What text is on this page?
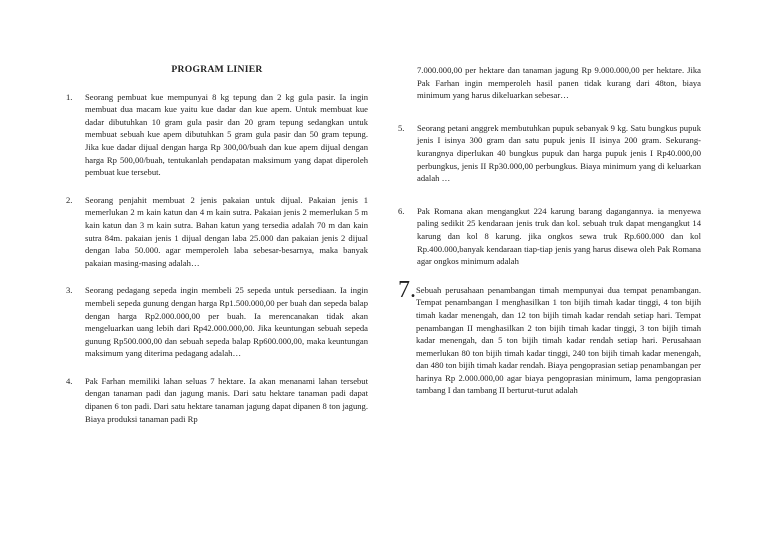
PROGRAM LINIER
1. Seorang pembuat kue mempunyai 8 kg tepung dan 2 kg gula pasir. Ia ingin membuat dua macam kue yaitu kue dadar dan kue apem. Untuk membuat kue dadar dibutuhkan 10 gram gula pasir dan 20 gram tepung sedangkan untuk membuat sebuah kue apem dibutuhkan 5 gram gula pasir dan 50 gram tepung. Jika kue dadar dijual dengan harga Rp 300,00/buah dan kue apem dijual dengan harga Rp 500,00/buah, tentukanlah pendapatan maksimum yang dapat diperoleh pembuat kue tersebut.
2. Seorang penjahit membuat 2 jenis pakaian untuk dijual. Pakaian jenis 1 memerlukan 2 m kain katun dan 4 m kain sutra. Pakaian jenis 2 memerlukan 5 m kain katun dan 3 m kain sutra. Bahan katun yang tersedia adalah 70 m dan kain sutra 84m. pakaian jenis 1 dijual dengan laba 25.000 dan pakaian jenis 2 dijual dengan laba 50.000. agar memperoleh laba sebesar-besarnya, maka banyak pakaian masing-masing adalah…
3. Seorang pedagang sepeda ingin membeli 25 sepeda untuk persediaan. Ia ingin membeli sepeda gunung dengan harga Rp1.500.000,00 per buah dan sepeda balap dengan harga Rp2.000.000,00 per buah. Ia merencanakan tidak akan mengeluarkan uang lebih dari Rp42.000.000,00. Jika keuntungan sebuah sepeda gunung Rp500.000,00 dan sebuah sepeda balap Rp600.000,00, maka keuntungan maksimum yang diterima pedagang adalah…
4. Pak Farhan memiliki lahan seluas 7 hektare. Ia akan menanami lahan tersebut dengan tanaman padi dan jagung manis. Dari satu hektare tanaman padi dapat dipanen 6 ton padi. Dari satu hektare tanaman jagung dapat dipanen 8 ton jagung. Biaya produksi tanaman padi Rp

7.000.000,00 per hektare dan tanaman jagung Rp 9.000.000,00 per hektare. Jika Pak Farhan ingin memperoleh hasil panen tidak kurang dari 48ton, biaya minimum yang harus dikeluarkan sebesar…

5. Seorang petani anggrek membutuhkan pupuk sebanyak 9 kg. Satu bungkus pupuk jenis I isinya 300 gram dan satu pupuk jenis II isinya 200 gram. Sekurang-kurangnya diperlukan 40 bungkus pupuk dan harga pupuk jenis I Rp40.000,00 perbungkus, jenis II Rp30.000,00 perbungkus. Biaya minimum yang di keluarkan adalah …
6. Pak Romana akan mengangkut 224 karung barang dagangannya. ia menyewa paling sedikit 25 kendaraan jenis truk dan kol. sebuah truk dapat mengangkut 14 karung dan kol 8 karung. jika ongkos sewa truk Rp.600.000 dan kol Rp.400.000,banyak kendaraan tiap-tiap jenis yang harus disewa oleh Pak Romana agar ongkos minimum adalah
7. Sebuah perusahaan penambangan timah mempunyai dua tempat penambangan. Tempat penambangan I menghasilkan 1 ton bijih timah kadar tinggi, 4 ton bijih timah kadar menengah, dan 12 ton bijih timah kadar rendah setiap hari. Tempat penambangan II menghasilkan 2 ton bijih timah kadar tinggi, 3 ton bijih timah kadar menengah, dan 5 ton bijih timah kadar rendah setiap hari. Perusahaan memerlukan 80 ton bijih timah kadar tinggi, 240 ton bijih timah kadar menengah, dan 480 ton bijih timah kadar rendah. Biaya pengoprasian setiap penambangan per harinya Rp 2.000.000,00 agar biaya pengoprasian minimum, lama pengoprasian tambang I dan tambang II berturut-turut adalah
